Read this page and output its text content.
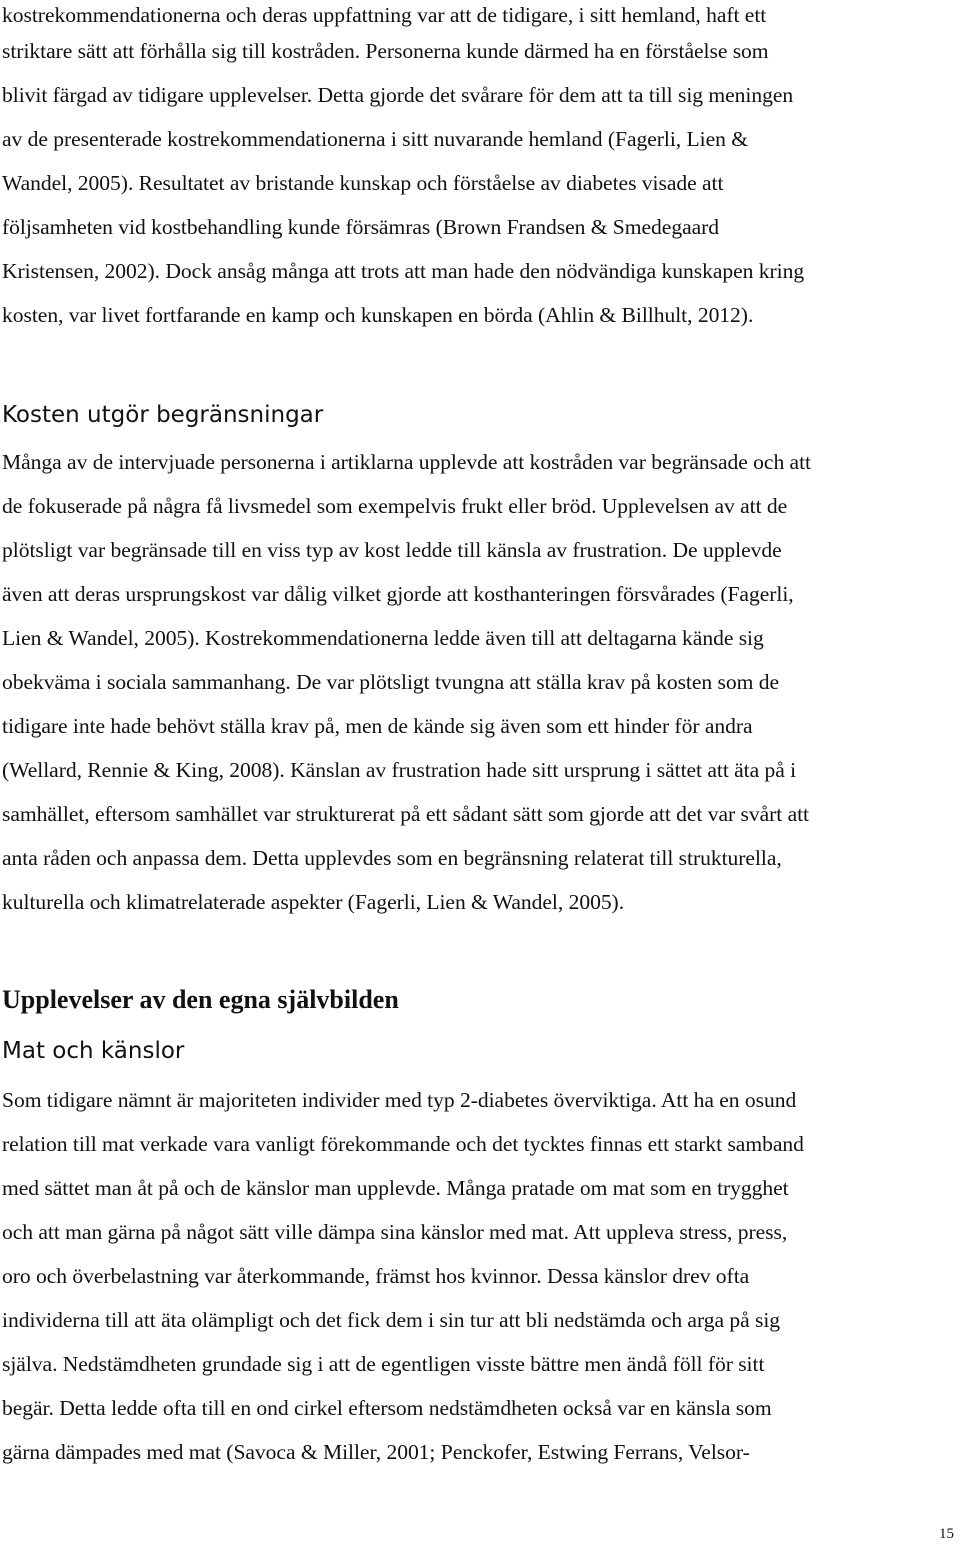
kostrekommendationerna och deras uppfattning var att de tidigare, i sitt hemland, haft ett
striktare sätt att förhålla sig till kostråden. Personerna kunde därmed ha en förståelse som
blivit färgad av tidigare upplevelser. Detta gjorde det svårare för dem att ta till sig meningen
av de presenterade kostrekommendationerna i sitt nuvarande hemland (Fagerli, Lien &
Wandel, 2005). Resultatet av bristande kunskap och förståelse av diabetes visade att
följsamheten vid kostbehandling kunde försämras (Brown Frandsen & Smedegaard
Kristensen, 2002). Dock ansåg många att trots att man hade den nödvändiga kunskapen kring
kosten, var livet fortfarande en kamp och kunskapen en börda (Ahlin & Billhult, 2012).
Kosten utgör begränsningar
Många av de intervjuade personerna i artiklarna upplevde att kostråden var begränsade och att
de fokuserade på några få livsmedel som exempelvis frukt eller bröd. Upplevelsen av att de
plötsligt var begränsade till en viss typ av kost ledde till känsla av frustration. De upplevde
även att deras ursprungskost var dålig vilket gjorde att kosthanteringen försvårades (Fagerli,
Lien & Wandel, 2005). Kostrekommendationerna ledde även till att deltagarna kände sig
obekväma i sociala sammanhang. De var plötsligt tvungna att ställa krav på kosten som de
tidigare inte hade behövt ställa krav på, men de kände sig även som ett hinder för andra
(Wellard, Rennie & King, 2008). Känslan av frustration hade sitt ursprung i sättet att äta på i
samhället, eftersom samhället var strukturerat på ett sådant sätt som gjorde att det var svårt att
anta råden och anpassa dem. Detta upplevdes som en begränsning relaterat till strukturella,
kulturella och klimatrelaterade aspekter (Fagerli, Lien & Wandel, 2005).
Upplevelser av den egna självbilden
Mat och känslor
Som tidigare nämnt är majoriteten individer med typ 2-diabetes överviktiga. Att ha en osund
relation till mat verkade vara vanligt förekommande och det tycktes finnas ett starkt samband
med sättet man åt på och de känslor man upplevde. Många pratade om mat som en trygghet
och att man gärna på något sätt ville dämpa sina känslor med mat. Att uppleva stress, press,
oro och överbelastning var återkommande, främst hos kvinnor. Dessa känslor drev ofta
individerna till att äta olämpligt och det fick dem i sin tur att bli nedstämda och arga på sig
själva. Nedstämdheten grundade sig i att de egentligen visste bättre men ändå föll för sitt
begär. Detta ledde ofta till en ond cirkel eftersom nedstämdheten också var en känsla som
gärna dämpades med mat (Savoca & Miller, 2001; Penckofer, Estwing Ferrans, Velsor-
15
